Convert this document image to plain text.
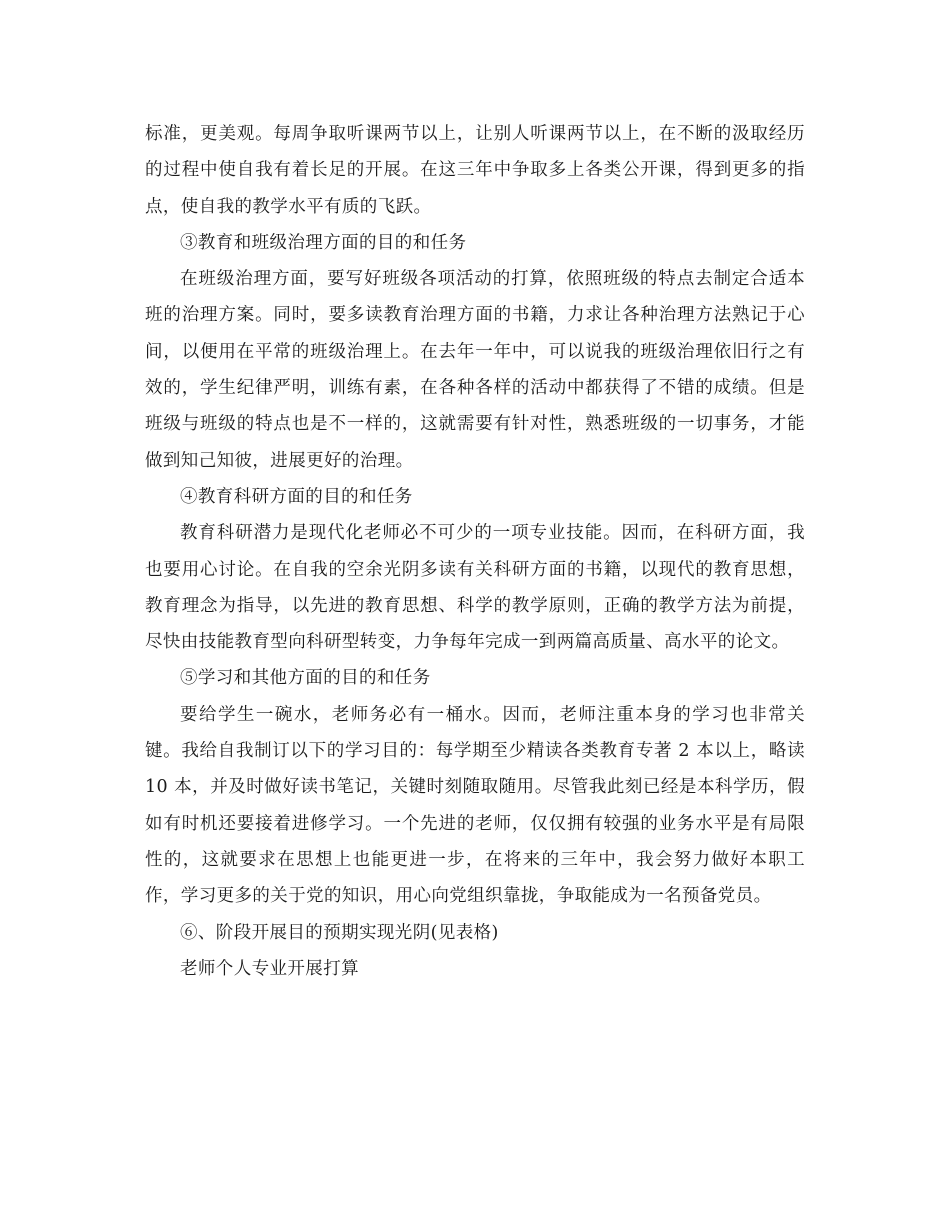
标准，更美观。每周争取听课两节以上，让别人听课两节以上，在不断的汲取经历的过程中使自我有着长足的开展。在这三年中争取多上各类公开课，得到更多的指点，使自我的教学水平有质的飞跃。

③教育和班级治理方面的目的和任务

在班级治理方面，要写好班级各项活动的打算，依照班级的特点去制定合适本班的治理方案。同时，要多读教育治理方面的书籍，力求让各种治理方法熟记于心间，以便用在平常的班级治理上。在去年一年中，可以说我的班级治理依旧行之有效的，学生纪律严明，训练有素，在各种各样的活动中都获得了不错的成绩。但是班级与班级的特点也是不一样的，这就需要有针对性，熟悉班级的一切事务，才能做到知己知彼，进展更好的治理。

④教育科研方面的目的和任务

教育科研潜力是现代化老师必不可少的一项专业技能。因而，在科研方面，我也要用心讨论。在自我的空余光阴多读有关科研方面的书籍，以现代的教育思想，教育理念为指导，以先进的教育思想、科学的教学原则，正确的教学方法为前提，尽快由技能教育型向科研型转变，力争每年完成一到两篇高质量、高水平的论文。

⑤学习和其他方面的目的和任务

要给学生一碗水，老师务必有一桶水。因而，老师注重本身的学习也非常关键。我给自我制订以下的学习目的：每学期至少精读各类教育专著 2 本以上，略读 10 本，并及时做好读书笔记，关键时刻随取随用。尽管我此刻已经是本科学历，假如有时机还要接着进修学习。一个先进的老师，仅仅拥有较强的业务水平是有局限性的，这就要求在思想上也能更进一步，在将来的三年中，我会努力做好本职工作，学习更多的关于党的知识，用心向党组织靠拢，争取能成为一名预备党员。

⑥、阶段开展目的预期实现光阴(见表格)

老师个人专业开展打算
